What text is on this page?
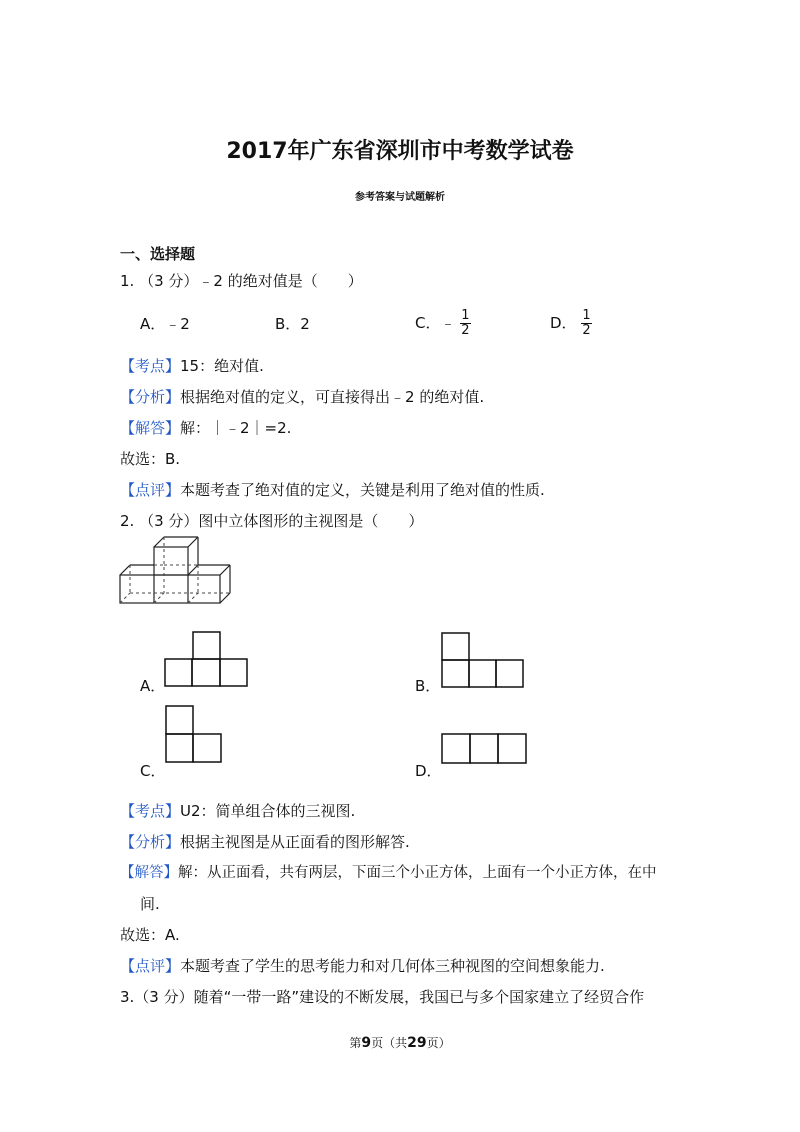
2017年广东省深圳市中考数学试卷
参考答案与试题解析
一、选择题
1. （3 分）﹣2 的绝对值是（　　）
A．﹣2	B．2	C．﹣ $\frac{1}{2}$	D． $\frac{1}{2}$
【考点】15：绝对值.
【分析】根据绝对值的定义，可直接得出﹣2 的绝对值.
【解答】解：｜﹣2｜=2.
故选：B.
【点评】本题考查了绝对值的定义，关键是利用了绝对值的性质.
2. （3 分）图中立体图形的主视图是（　　）
A．	B．
C．	D．
【考点】U2：简单组合体的三视图.
【分析】根据主视图是从正面看的图形解答.
【解答】解：从正面看，共有两层，下面三个小正方体，上面有一个小正方体，在中
间.
故选：A.
【点评】本题考查了学生的思考能力和对几何体三种视图的空间想象能力.
3.（3 分）随着“一带一路”建设的不断发展，我国已与多个国家建立了经贸合作
第9页（共29页）
